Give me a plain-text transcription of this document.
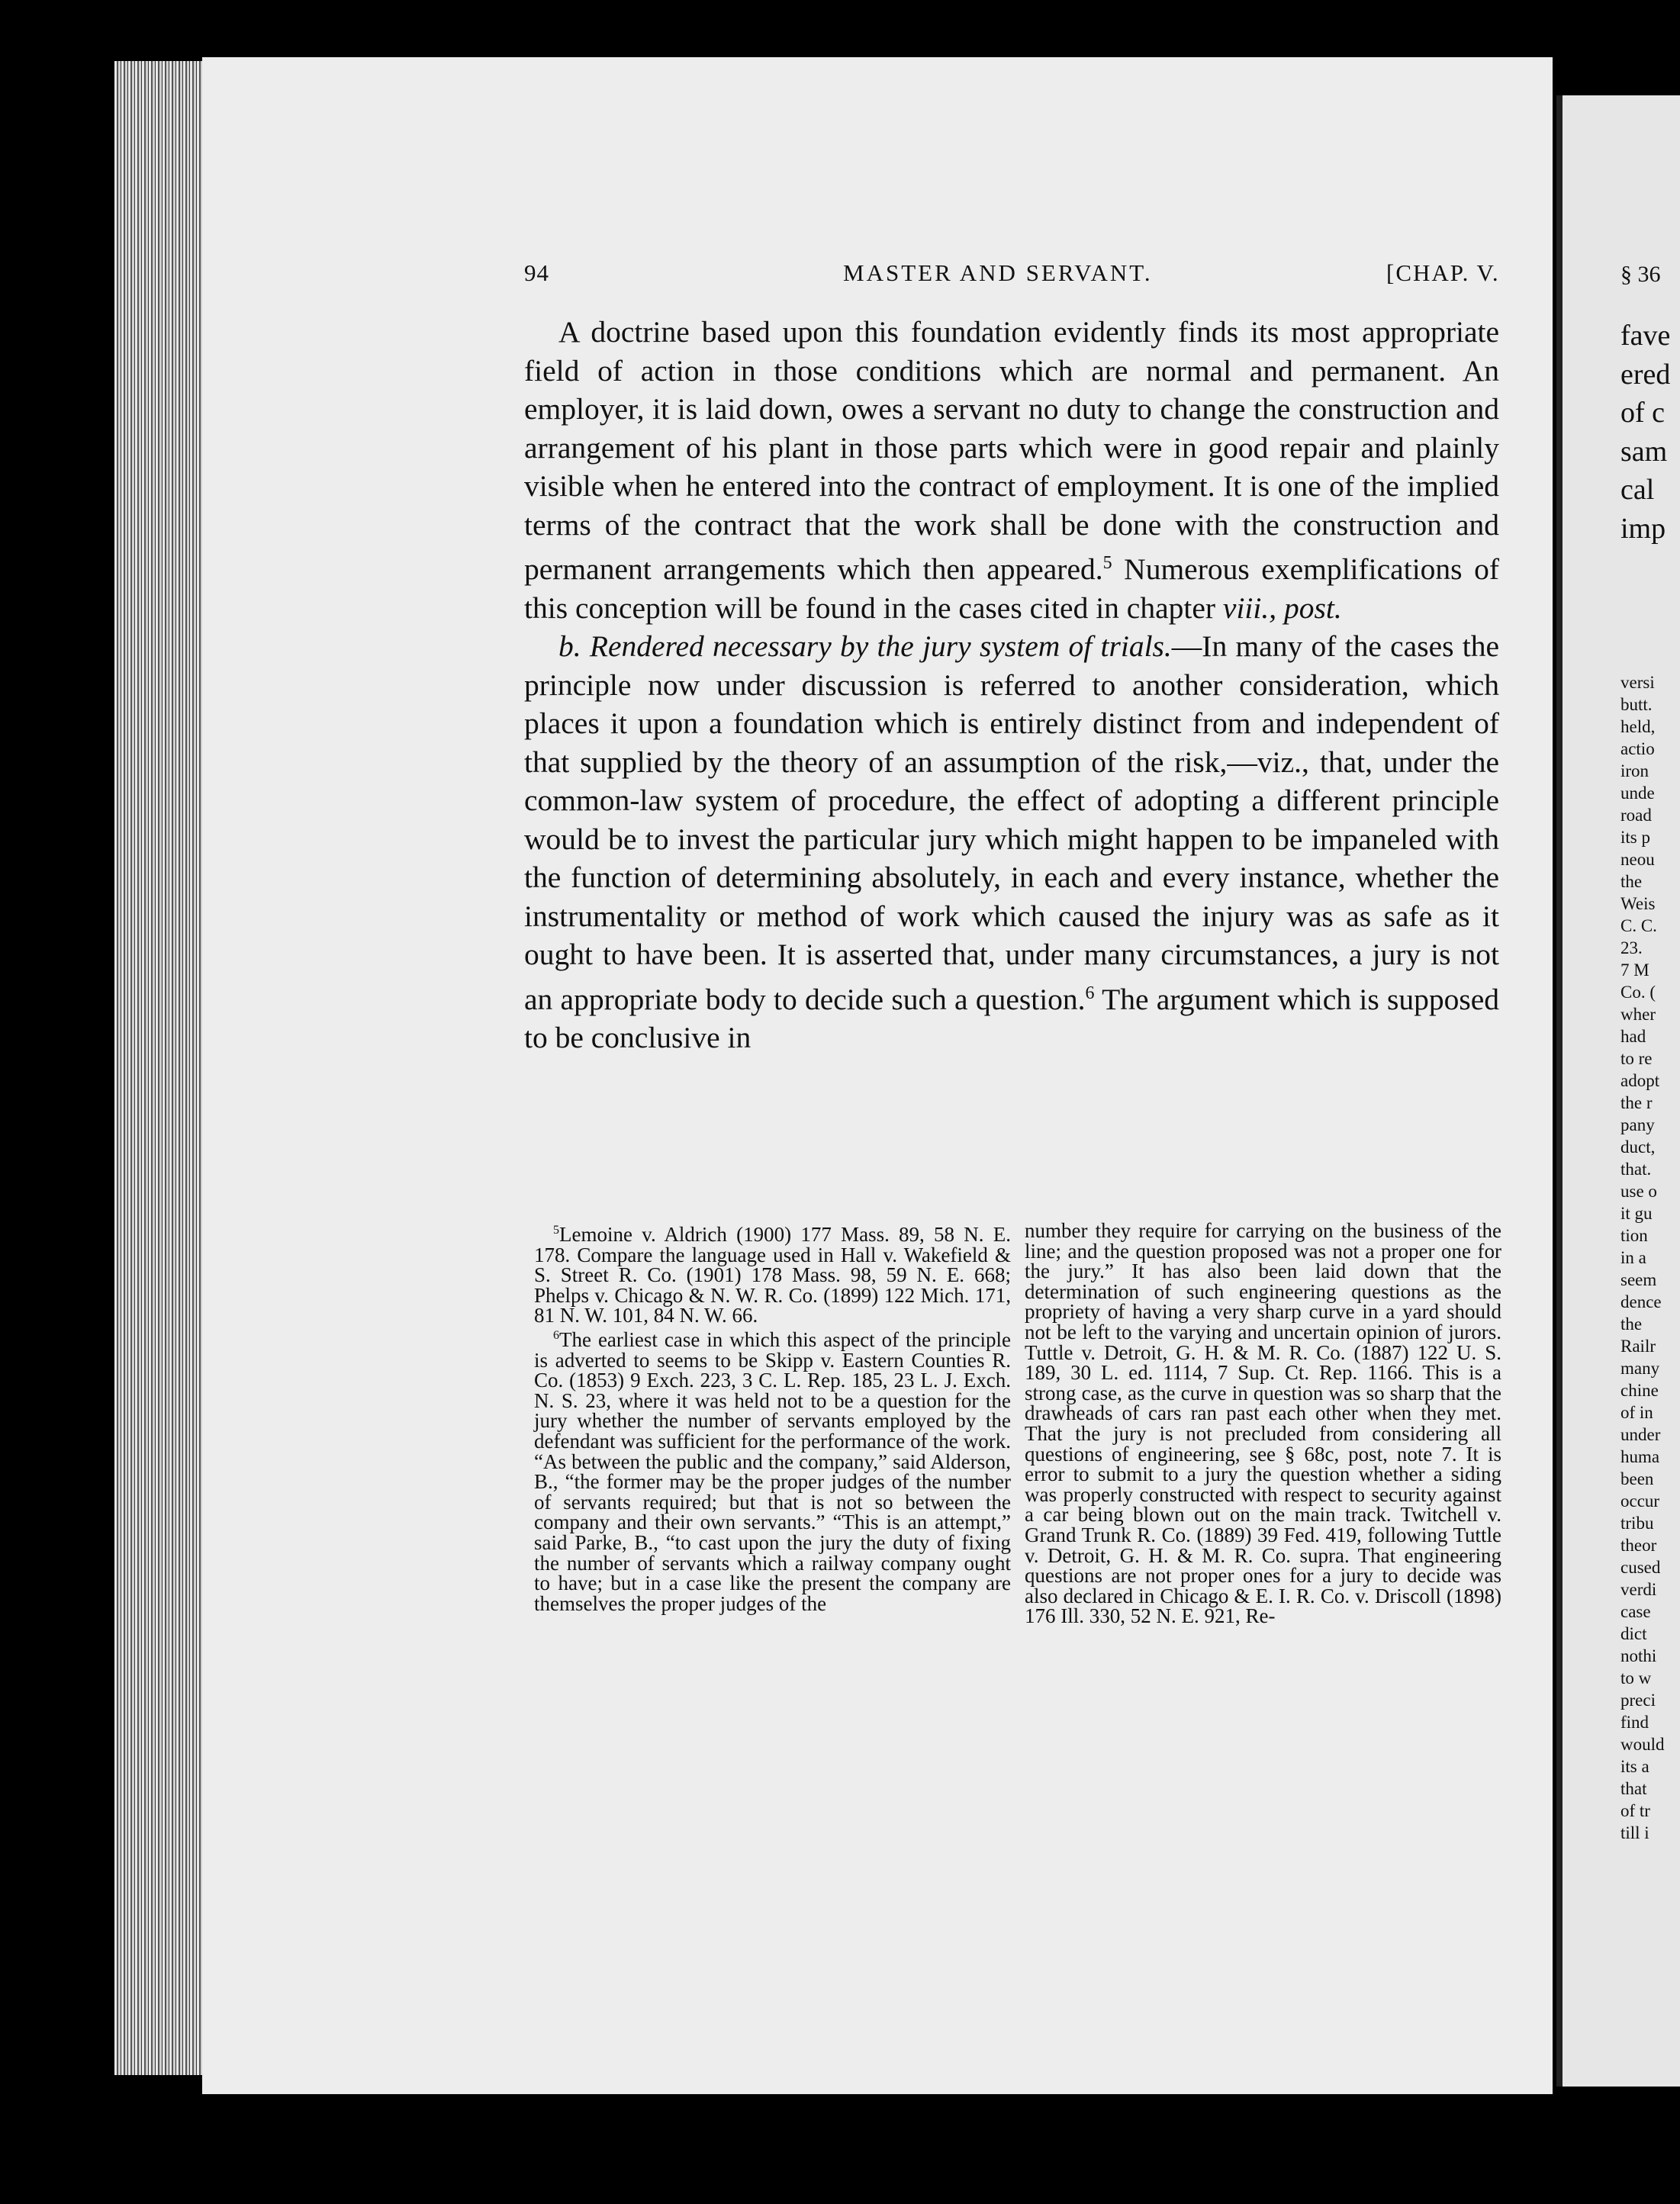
94	MASTER AND SERVANT.	[CHAP. V.

A doctrine based upon this foundation evidently finds its most appropriate field of action in those conditions which are normal and permanent. An employer, it is laid down, owes a servant no duty to change the construction and arrangement of his plant in those parts which were in good repair and plainly visible when he entered into the contract of employment. It is one of the implied terms of the contract that the work shall be done with the construction and permanent arrangements which then appeared.$^5$ Numerous exemplifications of this conception will be found in the cases cited in chapter viii., post.

b. Rendered necessary by the jury system of trials.—In many of the cases the principle now under discussion is referred to another consideration, which places it upon a foundation which is entirely distinct from and independent of that supplied by the theory of an assumption of the risk,—viz., that, under the common-law system of procedure, the effect of adopting a different principle would be to invest the particular jury which might happen to be impaneled with the function of determining absolutely, in each and every instance, whether the instrumentality or method of work which caused the injury was as safe as it ought to have been. It is asserted that, under many circumstances, a jury is not an appropriate body to decide such a question.$^6$ The argument which is supposed to be conclusive in

$^5$Lemoine v. Aldrich (1900) 177 Mass. 89, 58 N. E. 178. Compare the language used in Hall v. Wakefield & S. Street R. Co. (1901) 178 Mass. 98, 59 N. E. 668; Phelps v. Chicago & N. W. R. Co. (1899) 122 Mich. 171, 81 N. W. 101, 84 N. W. 66.

$^6$The earliest case in which this aspect of the principle is adverted to seems to be Skipp v. Eastern Counties R. Co. (1853) 9 Exch. 223, 3 C. L. Rep. 185, 23 L. J. Exch. N. S. 23, where it was held not to be a question for the jury whether the number of servants employed by the defendant was sufficient for the performance of the work. “As between the public and the company,” said Alderson, B., “the former may be the proper judges of the number of servants required; but that is not so between the company and their own servants.” “This is an attempt,” said Parke, B., “to cast upon the jury the duty of fixing the number of servants which a railway company ought to have; but in a case like the present the company are themselves the proper judges of the

number they require for carrying on the business of the line; and the question proposed was not a proper one for the jury.” It has also been laid down that the determination of such engineering questions as the propriety of having a very sharp curve in a yard should not be left to the varying and uncertain opinion of jurors. Tuttle v. Detroit, G. H. & M. R. Co. (1887) 122 U. S. 189, 30 L. ed. 1114, 7 Sup. Ct. Rep. 1166. This is a strong case, as the curve in question was so sharp that the drawheads of cars ran past each other when they met. That the jury is not precluded from considering all questions of engineering, see § 68c, post, note 7. It is error to submit to a jury the question whether a siding was properly constructed with respect to security against a car being blown out on the main track. Twitchell v. Grand Trunk R. Co. (1889) 39 Fed. 419, following Tuttle v. Detroit, G. H. & M. R. Co. supra. That engineering questions are not proper ones for a jury to decide was also declared in Chicago & E. I. R. Co. v. Driscoll (1898) 176 Ill. 330, 52 N. E. 921, Re-

§ 36
fave
ered
of c
sam
cal
imp
versi
butt.
held,
actio
iron
unde
road
its p
neou
the
Weis
C. C.
23.
7 M
Co. (
wher
had
to re
adopt
the r
pany
duct,
that.
use o
it gu
tion
in a
seem
dence
the
Railr
many
chine
of in
under
huma
been
occur
tribu
theor
cused
verdi
case
dict
nothi
to w
preci
find
would
its a
that
of tr
till i
